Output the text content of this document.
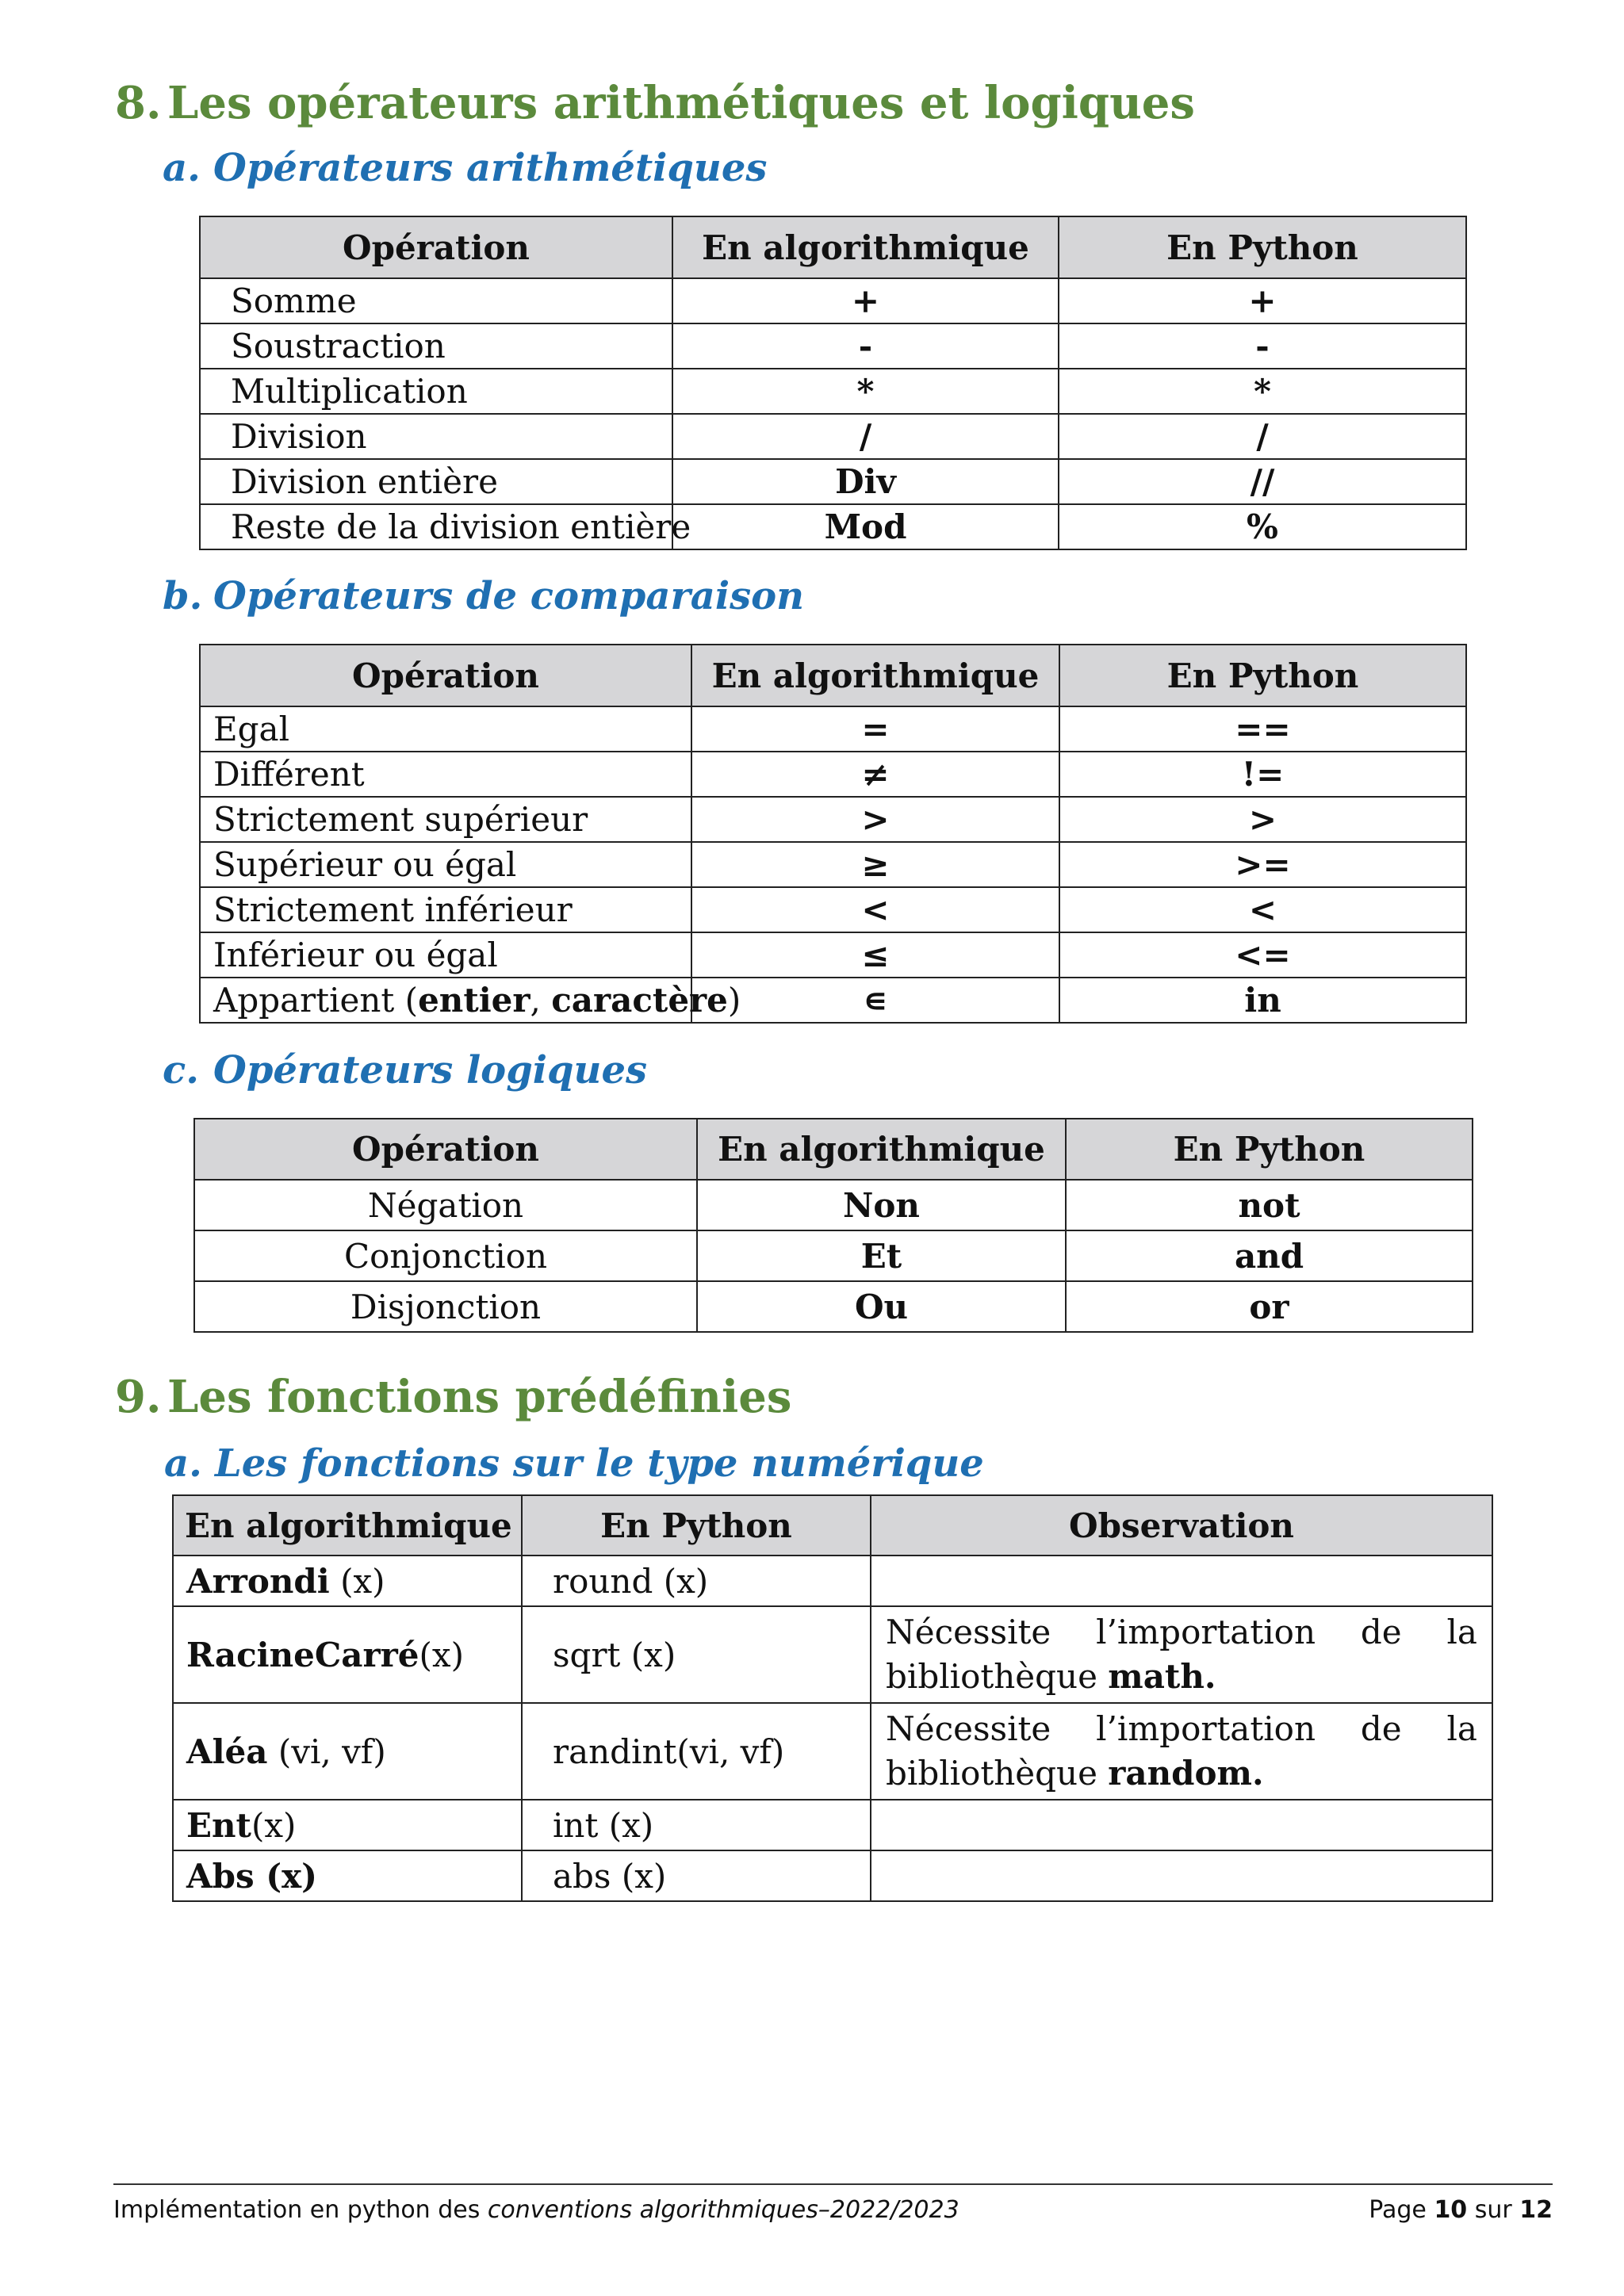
8. Les opérateurs arithmétiques et logiques
a. Opérateurs arithmétiques
Opération	En algorithmique	En Python
Somme	+	+
Soustraction	-	-
Multiplication	*	*
Division	/	/
Division entière	Div	//
Reste de la division entière	Mod	%
b. Opérateurs de comparaison
Opération	En algorithmique	En Python
Egal	=	==
Différent	≠	!=
Strictement supérieur	>	>
Supérieur ou égal	≥	>=
Strictement inférieur	<	<
Inférieur ou égal	≤	<=
Appartient (entier, caractère)	∊	in
c. Opérateurs logiques
Opération	En algorithmique	En Python
Négation	Non	not
Conjonction	Et	and
Disjonction	Ou	or
9. Les fonctions prédéfinies
a. Les fonctions sur le type numérique
En algorithmique	En Python	Observation
Arrondi (x)	round (x)	
RacineCarré(x)	sqrt (x)	Nécessite l’importation de la
bibliothèque math.

Aléa (vi, vf)	randint(vi, vf)	Nécessite l’importation de la
bibliothèque random.

Ent(x)	int (x)	
Abs (x)	abs (x)	
Implémentation en python des conventions algorithmiques–2022/2023	Page 10 sur 12
